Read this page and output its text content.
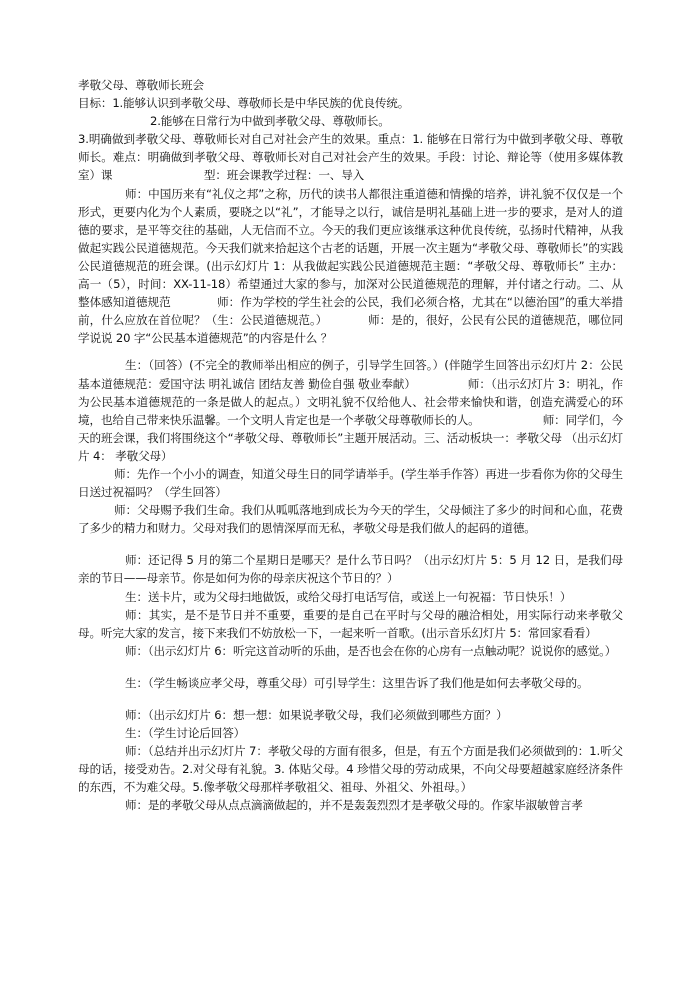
孝敬父母、尊敬师长班会

目标：1.能够认识到孝敬父母、尊敬师长是中华民族的优良传统。

2.能够在日常行为中做到孝敬父母、尊敬师长。

3.明确做到孝敬父母、尊敬师长对自己对社会产生的效果。重点：1. 能够在日常行为中做到孝敬父母、尊敬师长。难点：明确做到孝敬父母、尊敬师长对自己对社会产生的效果。手段：讨论、辩论等（使用多媒体教室）课　　　　　　　　型：班会课教学过程：一、导入

师：中国历来有“礼仪之邦”之称，历代的读书人都很注重道德和情操的培养，讲礼貌不仅仅是一个形式，更要内化为个人素质，要晓之以“礼”，才能导之以行，诚信是明礼基础上进一步的要求，是对人的道德的要求，是平等交往的基础，人无信而不立。今天的我们更应该继承这种优良传统，弘扬时代精神，从我做起实践公民道德规范。今天我们就来拾起这个古老的话题，开展一次主题为“孝敬父母、尊敬师长”的实践公民道德规范的班会课。(出示幻灯片 1：从我做起实践公民道德规范主题：“孝敬父母、尊敬师长” 主办：高一（5），时间：XX-11-18）希望通过大家的参与，加深对公民道德规范的理解，并付诸之行动。二、从整体感知道德规范　　　　师：作为学校的学生社会的公民，我们必须合格，尤其在“以德治国”的重大举措前，什么应放在首位呢？（生：公民道德规范。）　　　　师：是的，很好，公民有公民的道德规范，哪位同学说说 20 字“公民基本道德规范”的内容是什么 ？

生：（回答）(不完全的教师举出相应的例子，引导学生回答。）(伴随学生回答出示幻灯片 2：公民基本道德规范：爱国守法 明礼诚信 团结友善 勤俭自强 敬业奉献）　　　　　师：（出示幻灯片 3：明礼，作为公民基本道德规范的一条是做人的起点。）文明礼貌不仅给他人、社会带来愉快和谐，创造充满爱心的环境，也给自己带来快乐温馨。一个文明人肯定也是一个孝敬父母尊敬师长的人。　　　　　　师：同学们，今天的班会课，我们将围绕这个“孝敬父母、尊敬师长”主题开展活动。三、活动板块一：孝敬父母 （出示幻灯片 4： 孝敬父母）

师：先作一个小小的调查，知道父母生日的同学请举手。(学生举手作答）再进一步看你为你的父母生日送过祝福吗？（学生回答）

师：父母赐予我们生命。我们从呱呱落地到成长为今天的学生，父母倾注了多少的时间和心血，花费了多少的精力和财力。父母对我们的恩情深厚而无私，孝敬父母是我们做人的起码的道德。

师：还记得 5 月的第二个星期日是哪天？是什么节日吗？（出示幻灯片 5：5 月 12 日，是我们母亲的节日——母亲节。你是如何为你的母亲庆祝这个节日的？）

生：送卡片，或为父母扫地做饭，或给父母打电话写信，或送上一句祝福：节日快乐！）

师：其实，是不是节日并不重要，重要的是自己在平时与父母的融洽相处，用实际行动来孝敬父母。听完大家的发言，接下来我们不妨放松一下，一起来听一首歌。(出示音乐幻灯片 5：常回家看看）

师：（出示幻灯片 6：听完这首动听的乐曲，是否也会在你的心房有一点触动呢？说说你的感觉。）

生：（学生畅谈应孝父母，尊重父母）可引导学生：这里告诉了我们他是如何去孝敬父母的。

师：（出示幻灯片 6：想一想：如果说孝敬父母，我们必须做到哪些方面？）

生：（学生讨论后回答）

师：（总结并出示幻灯片 7：孝敬父母的方面有很多，但是，有五个方面是我们必须做到的：1.听父母的话，接受劝告。2.对父母有礼貌。3. 体贴父母。4 珍惜父母的劳动成果，不向父母要超越家庭经济条件的东西，不为难父母。5.像孝敬父母那样孝敬祖父、祖母、外祖父、外祖母。）

师：是的孝敬父母从点点滴滴做起的，并不是轰轰烈烈才是孝敬父母的。作家毕淑敏曾言孝
